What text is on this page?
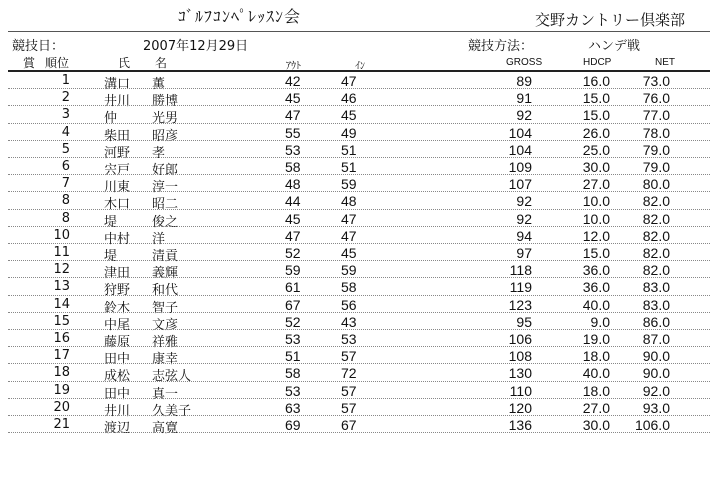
ｺﾞﾙﾌｺﾝﾍﾟﾚｯｽﾝ会	交野カントリー倶楽部
競技日：	2007年12月29日	競技方法：	ハンデ戦
賞 順位	氏 名	ｱｳﾄ	ｲﾝ	GROSS	HDCP	NET
1	溝口 薫	42	47	89	16.0	73.0
2	井川 勝博	45	46	91	15.0	76.0
3	仲	光男	47	45	92	15.0	77.0
4	柴田 昭彦	55	49	104	26.0	78.0
5	河野 孝	53	51	104	25.0	79.0
6	宍戸 好郎	58	51	109	30.0	79.0
7	川東 淳一	48	59	107	27.0	80.0
8	木口 昭二	44	48	92	10.0	82.0
8	堤	俊之	45	47	92	10.0	82.0
10	中村 洋	47	47	94	12.0	82.0
11	堤	清貢	52	45	97	15.0	82.0
12	津田 義輝	59	59	118	36.0	82.0
13	狩野 和代	61	58	119	36.0	83.0
14	鈴木 智子	67	56	123	40.0	83.0
15	中尾 文彦	52	43	95	9.0	86.0
16	藤原 祥雅	53	53	106	19.0	87.0
17	田中 康幸	51	57	108	18.0	90.0
18	成松 志弦人	58	72	130	40.0	90.0
19	田中 真一	53	57	110	18.0	92.0
20	井川 久美子	63	57	120	27.0	93.0
21	渡辺 高寛	69	67	136	30.0	106.0
